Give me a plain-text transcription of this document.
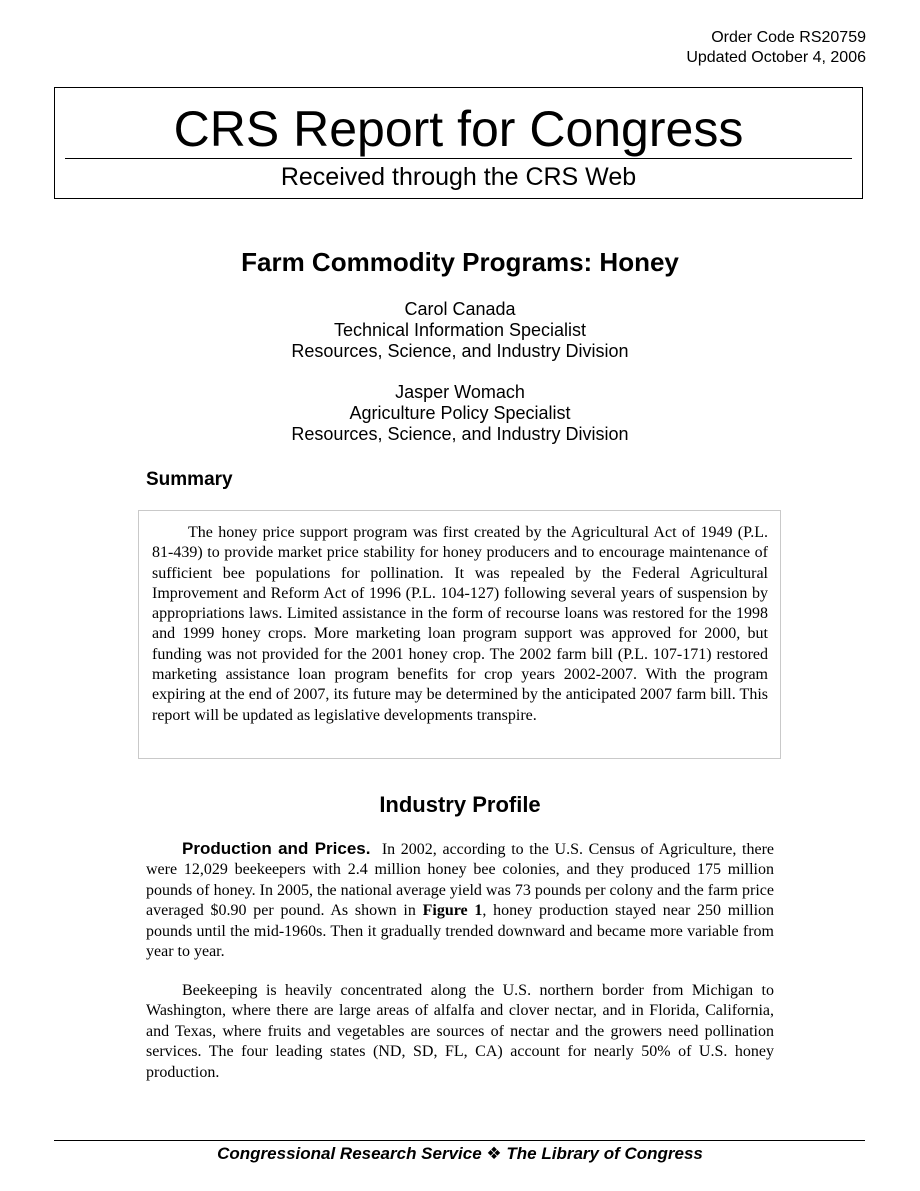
Order Code RS20759
Updated October 4, 2006
CRS Report for Congress
Received through the CRS Web
Farm Commodity Programs: Honey
Carol Canada
Technical Information Specialist
Resources, Science, and Industry Division
Jasper Womach
Agriculture Policy Specialist
Resources, Science, and Industry Division
Summary

The honey price support program was first created by the Agricultural Act of 1949 (P.L. 81-439) to provide market price stability for honey producers and to encourage maintenance of sufficient bee populations for pollination. It was repealed by the Federal Agricultural Improvement and Reform Act of 1996 (P.L. 104-127) following several years of suspension by appropriations laws. Limited assistance in the form of recourse loans was restored for the 1998 and 1999 honey crops. More marketing loan program support was approved for 2000, but funding was not provided for the 2001 honey crop. The 2002 farm bill (P.L. 107-171) restored marketing assistance loan program benefits for crop years 2002-2007. With the program expiring at the end of 2007, its future may be determined by the anticipated 2007 farm bill. This report will be updated as legislative developments transpire.

Industry Profile

Production and Prices. In 2002, according to the U.S. Census of Agriculture, there were 12,029 beekeepers with 2.4 million honey bee colonies, and they produced 175 million pounds of honey. In 2005, the national average yield was 73 pounds per colony and the farm price averaged $0.90 per pound. As shown in Figure 1, honey production stayed near 250 million pounds until the mid-1960s. Then it gradually trended downward and became more variable from year to year.

Beekeeping is heavily concentrated along the U.S. northern border from Michigan to Washington, where there are large areas of alfalfa and clover nectar, and in Florida, California, and Texas, where fruits and vegetables are sources of nectar and the growers need pollination services. The four leading states (ND, SD, FL, CA) account for nearly 50% of U.S. honey production.

Congressional Research Service ❖ The Library of Congress
